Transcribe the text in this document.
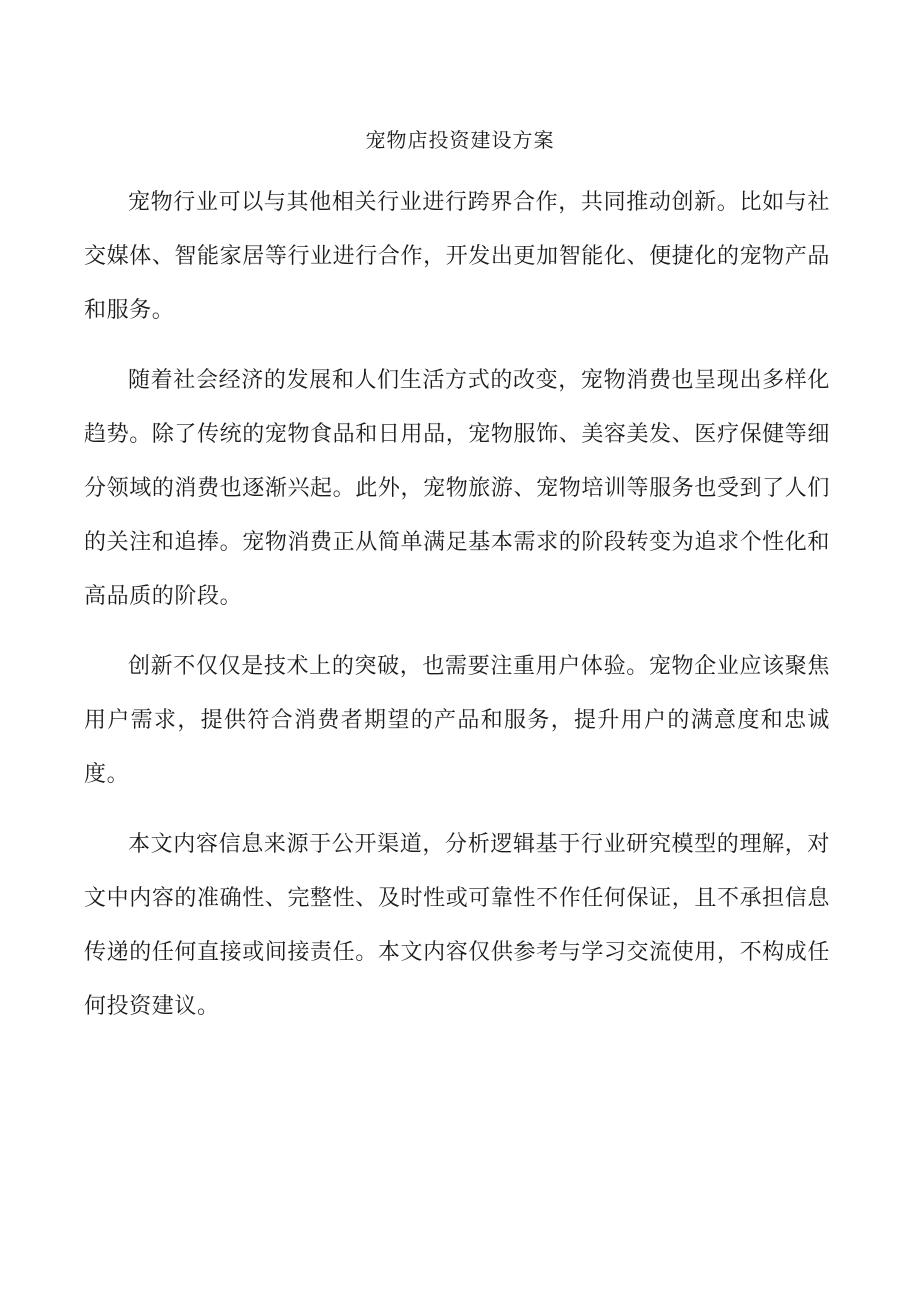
宠物店投资建设方案

宠物行业可以与其他相关行业进行跨界合作，共同推动创新。比如与社交媒体、智能家居等行业进行合作，开发出更加智能化、便捷化的宠物产品和服务。

随着社会经济的发展和人们生活方式的改变，宠物消费也呈现出多样化趋势。除了传统的宠物食品和日用品，宠物服饰、美容美发、医疗保健等细分领域的消费也逐渐兴起。此外，宠物旅游、宠物培训等服务也受到了人们的关注和追捧。宠物消费正从简单满足基本需求的阶段转变为追求个性化和高品质的阶段。

创新不仅仅是技术上的突破，也需要注重用户体验。宠物企业应该聚焦用户需求，提供符合消费者期望的产品和服务，提升用户的满意度和忠诚度。

本文内容信息来源于公开渠道，分析逻辑基于行业研究模型的理解，对文中内容的准确性、完整性、及时性或可靠性不作任何保证，且不承担信息传递的任何直接或间接责任。本文内容仅供参考与学习交流使用，不构成任何投资建议。
